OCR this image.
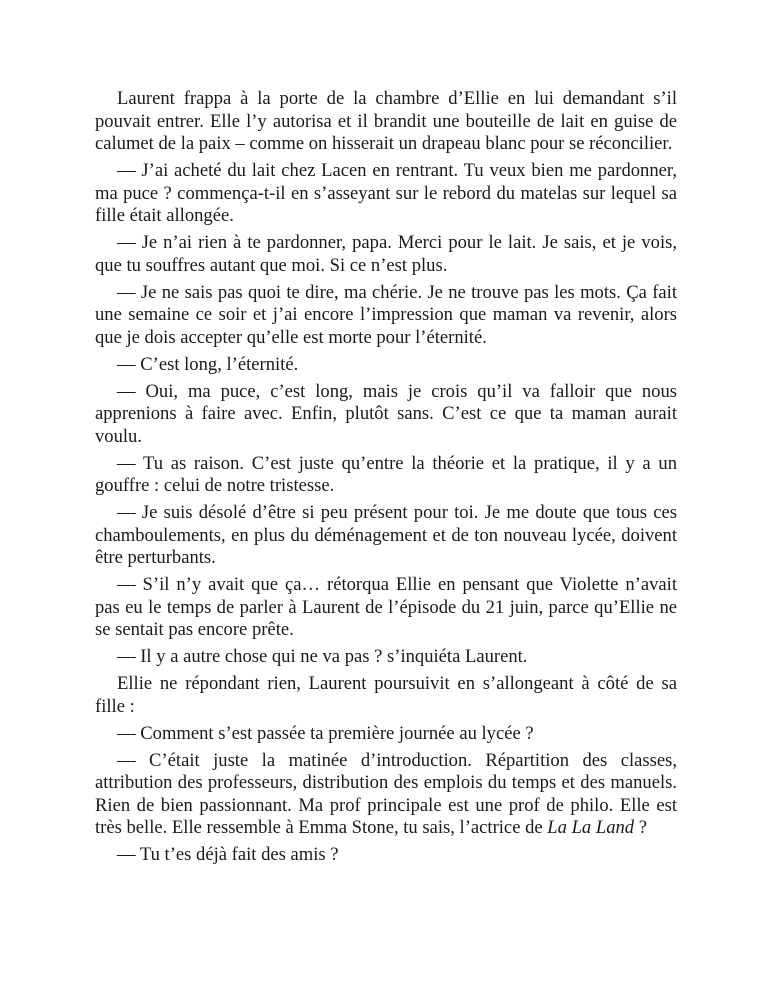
Laurent frappa à la porte de la chambre d’Ellie en lui demandant s’il pouvait entrer. Elle l’y autorisa et il brandit une bouteille de lait en guise de calumet de la paix – comme on hisserait un drapeau blanc pour se réconcilier.

— J’ai acheté du lait chez Lacen en rentrant. Tu veux bien me pardonner, ma puce ? commença-t-il en s’asseyant sur le rebord du matelas sur lequel sa fille était allongée.

— Je n’ai rien à te pardonner, papa. Merci pour le lait. Je sais, et je vois, que tu souffres autant que moi. Si ce n’est plus.

— Je ne sais pas quoi te dire, ma chérie. Je ne trouve pas les mots. Ça fait une semaine ce soir et j’ai encore l’impression que maman va revenir, alors que je dois accepter qu’elle est morte pour l’éternité.

— C’est long, l’éternité.

— Oui, ma puce, c’est long, mais je crois qu’il va falloir que nous apprenions à faire avec. Enfin, plutôt sans. C’est ce que ta maman aurait voulu.

— Tu as raison. C’est juste qu’entre la théorie et la pratique, il y a un gouffre : celui de notre tristesse.

— Je suis désolé d’être si peu présent pour toi. Je me doute que tous ces chamboulements, en plus du déménagement et de ton nouveau lycée, doivent être perturbants.

— S’il n’y avait que ça… rétorqua Ellie en pensant que Violette n’avait pas eu le temps de parler à Laurent de l’épisode du 21 juin, parce qu’Ellie ne se sentait pas encore prête.

— Il y a autre chose qui ne va pas ? s’inquiéta Laurent.

Ellie ne répondant rien, Laurent poursuivit en s’allongeant à côté de sa fille :

— Comment s’est passée ta première journée au lycée ?

— C’était juste la matinée d’introduction. Répartition des classes, attribution des professeurs, distribution des emplois du temps et des manuels. Rien de bien passionnant. Ma prof principale est une prof de philo. Elle est très belle. Elle ressemble à Emma Stone, tu sais, l’actrice de La La Land ?

— Tu t’es déjà fait des amis ?
